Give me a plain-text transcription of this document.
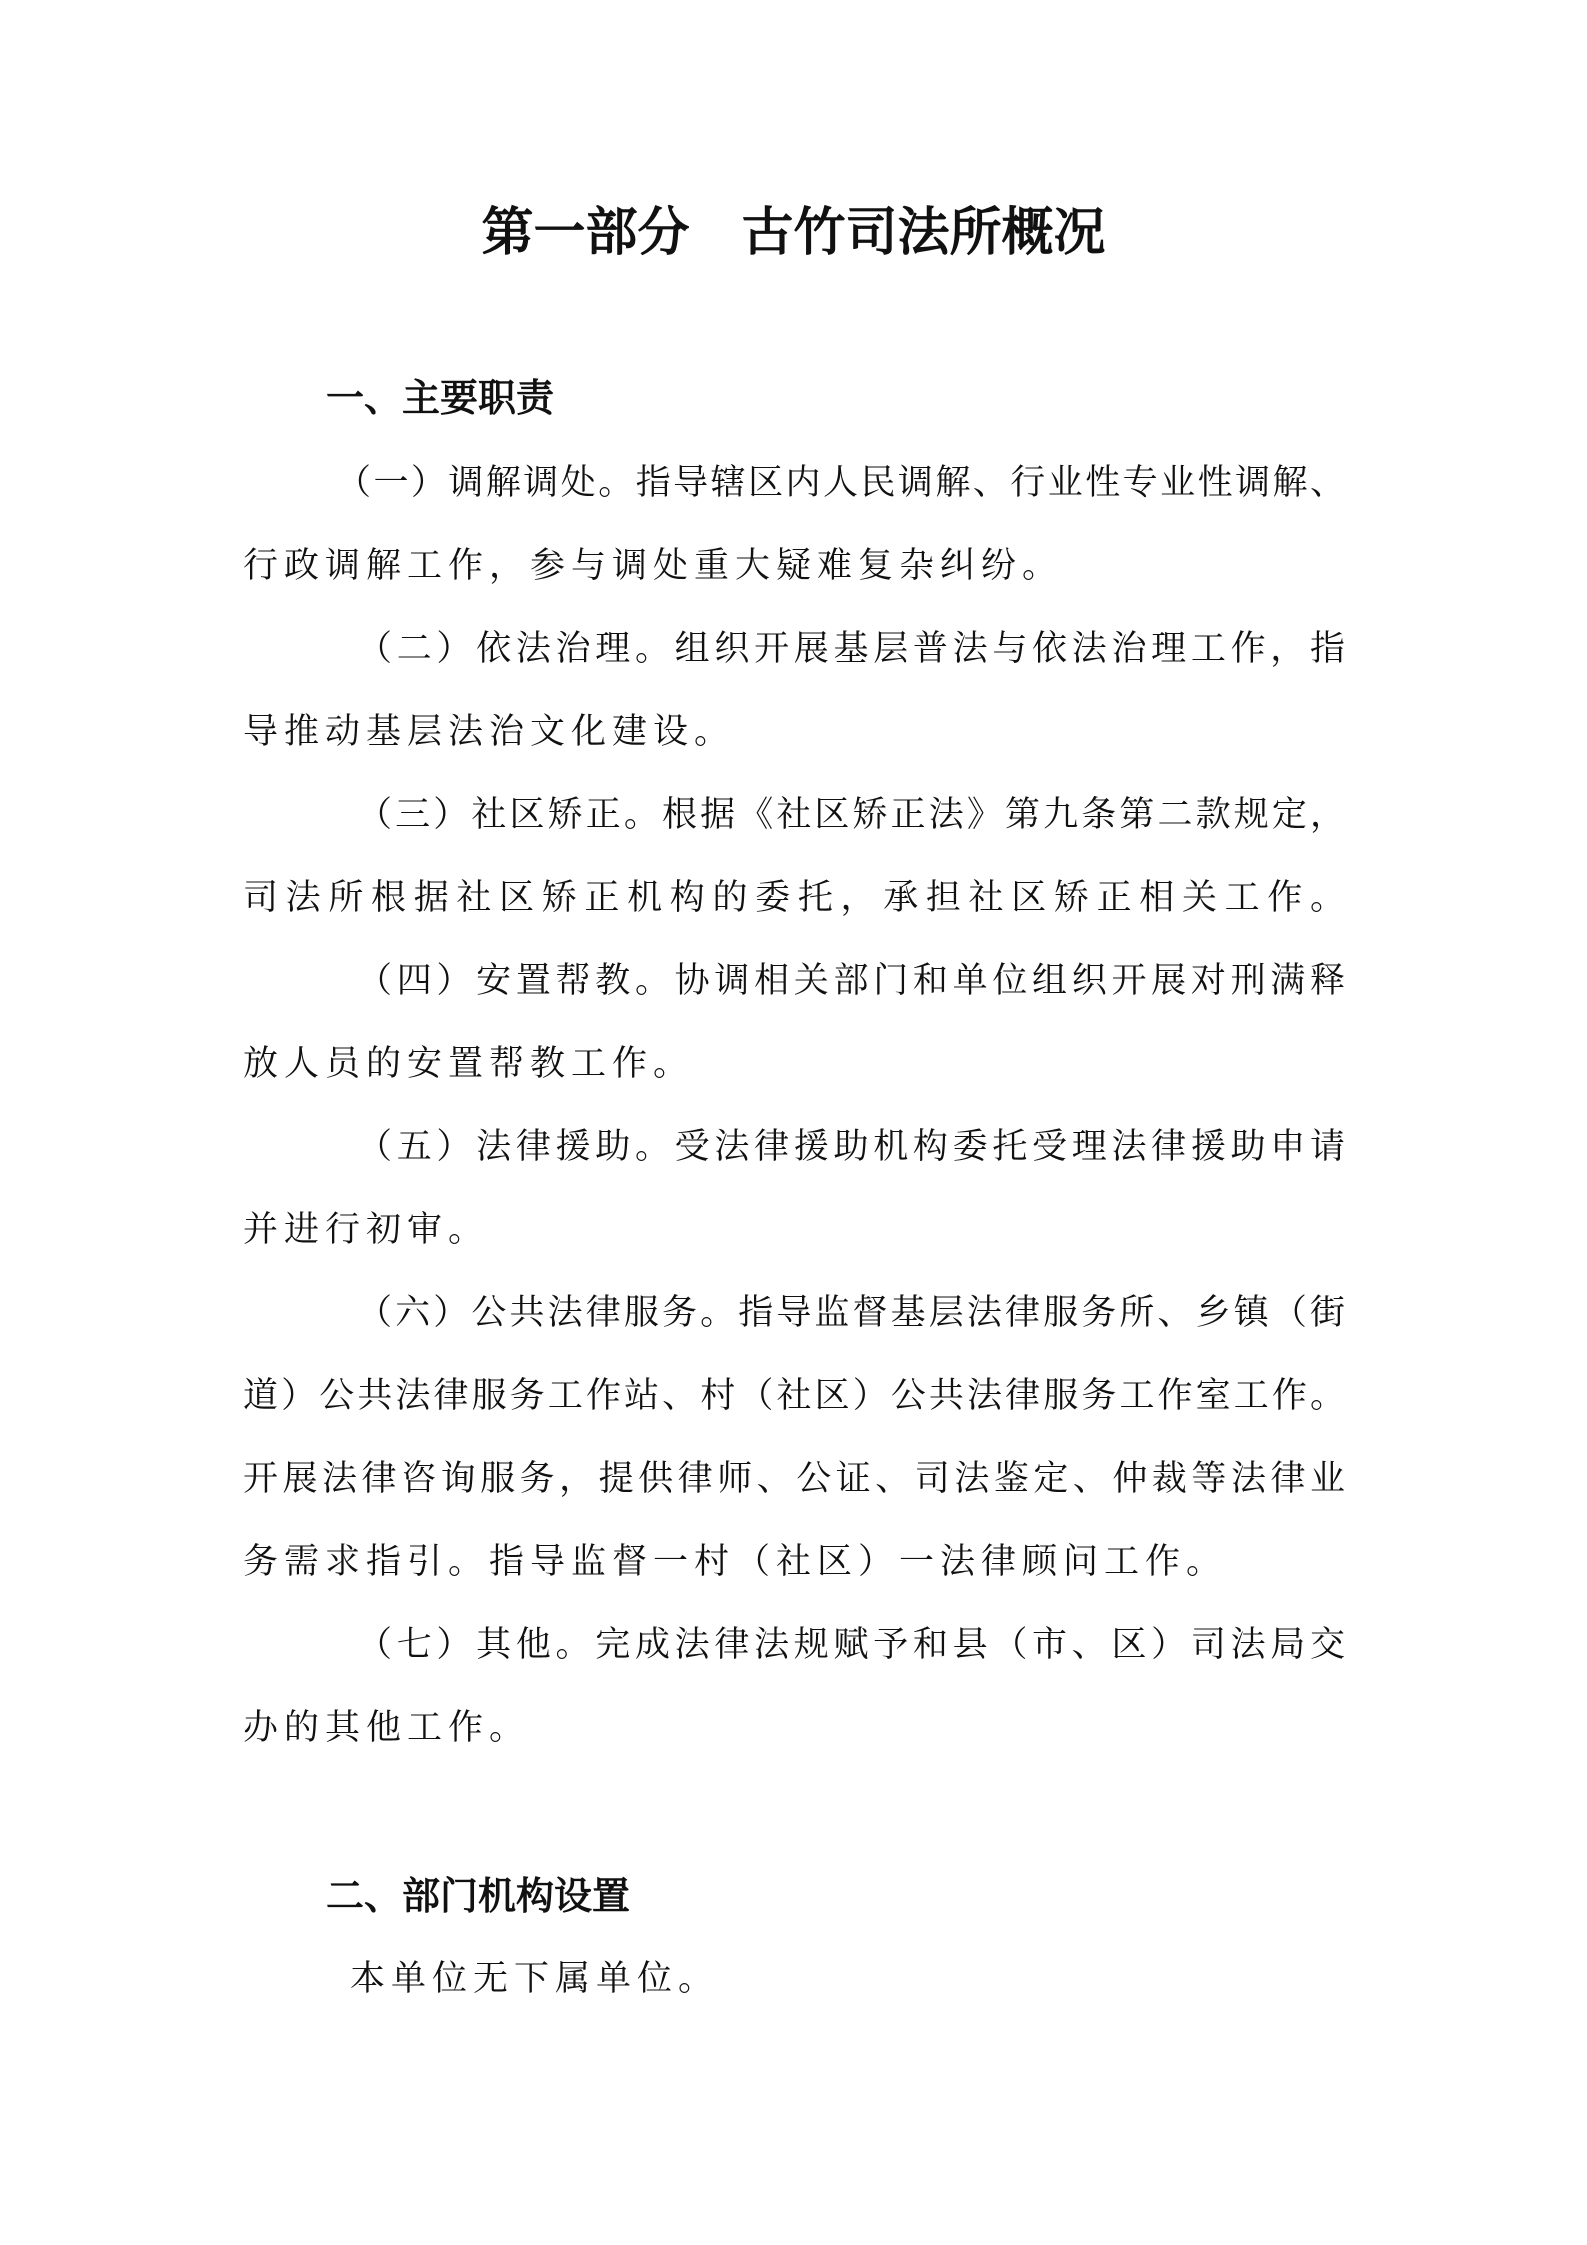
第一部分　古竹司法所概况
一、主要职责
（一）调解调处。指导辖区内人民调解、行业性专业性调解、
行政调解工作，参与调处重大疑难复杂纠纷。
（二）依法治理。组织开展基层普法与依法治理工作，指
导推动基层法治文化建设。
（三）社区矫正。根据《社区矫正法》第九条第二款规定，
司法所根据社区矫正机构的委托，承担社区矫正相关工作。
（四）安置帮教。协调相关部门和单位组织开展对刑满释
放人员的安置帮教工作。
（五）法律援助。受法律援助机构委托受理法律援助申请
并进行初审。
（六）公共法律服务。指导监督基层法律服务所、乡镇（街
道）公共法律服务工作站、村（社区）公共法律服务工作室工作。
开展法律咨询服务，提供律师、公证、司法鉴定、仲裁等法律业
务需求指引。指导监督一村（社区）一法律顾问工作。
（七）其他。完成法律法规赋予和县（市、区）司法局交
办的其他工作。
二、部门机构设置
本单位无下属单位。
